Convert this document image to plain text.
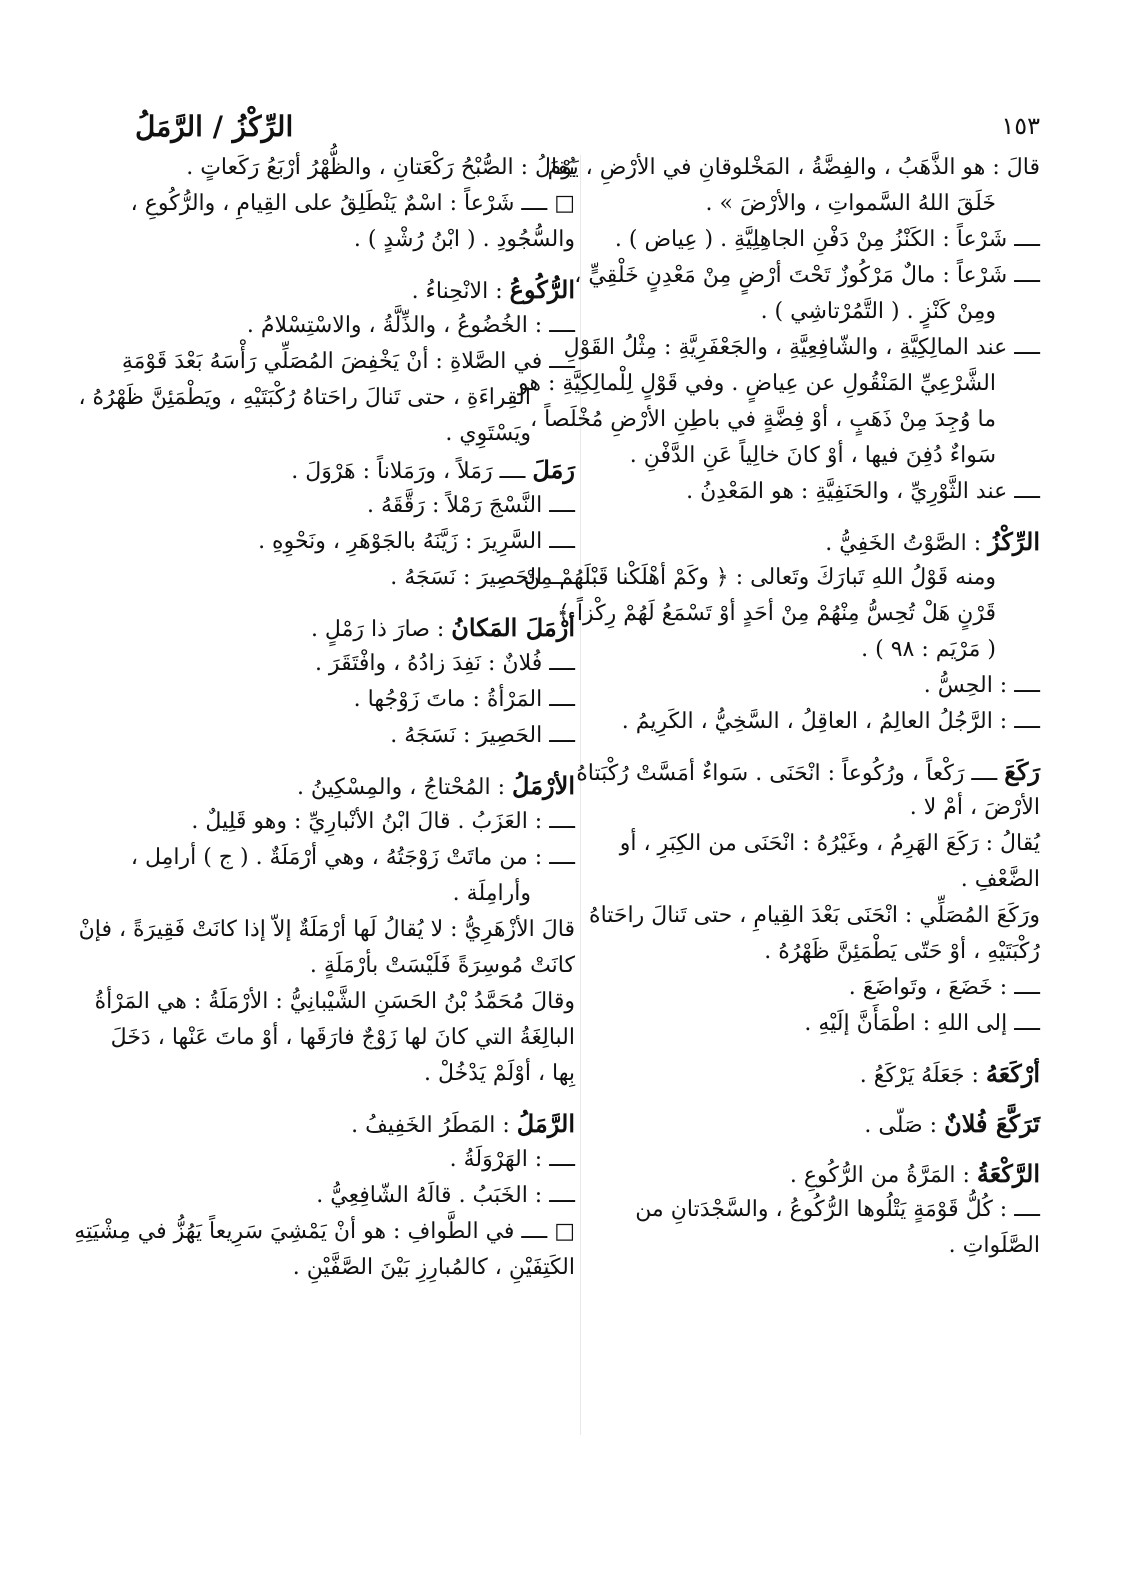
١٥٣
الرِّكْزُ / الرَّمَلُ
قالَ : هو الذَّهَبُ ، والفِضَّةُ ، المَخْلوقانِ في الأرْضِ ، يَوْمَ
خَلَقَ اللهُ السَّمواتِ ، والأرْضَ » .
ــــ شَرْعاً : الكَنْزُ مِنْ دَفْنِ الجاهِلِيَّةِ . ( عِياض ) .
ــــ شَرْعاً : مالٌ مَرْكُوزٌ تَحْتَ أرْضٍ مِنْ مَعْدِنٍ خَلْقِيٍّ ،
ومِنْ كَنْزٍ . ( التَّمُرْتاشِي ) .
ــــ عند المالِكِيَّةِ ، والشّافِعِيَّةِ ، والجَعْفَرِيَّةِ : مِثْلُ القَوْلِ
الشَّرْعِيِّ المَنْقُولِ عن عِياضٍ . وفي قَوْلٍ لِلْمالِكِيَّةِ : هو
ما وُجِدَ مِنْ ذَهَبٍ ، أوْ فِضَّةٍ في باطِنِ الأرْضِ مُخْلَصاً ،
سَواءٌ دُفِنَ فيها ، أوْ كانَ خالِياً عَنِ الدَّفْنِ .
ــــ عند الثَّوْرِيِّ ، والحَنَفِيَّةِ : هو المَعْدِنُ .
الرِّكْزُ : الصَّوْتُ الخَفِيُّ .
ومنه قَوْلُ اللهِ تَبارَكَ وتَعالى : ﴿ وكَمْ أهْلَكْنا قَبْلَهُمْ مِنْ
قَرْنٍ هَلْ تُحِسُّ مِنْهُمْ مِنْ أحَدٍ أوْ تَسْمَعُ لَهُمْ رِكْزاً ﴾
( مَرْيَم : ٩٨ ) .
ــــ : الحِسُّ .
ــــ : الرَّجُلُ العالِمُ ، العاقِلُ ، السَّخِيُّ ، الكَرِيمُ .
رَكَعَ ــــ رَكْعاً ، ورُكُوعاً : انْحَنَى . سَواءٌ أمَسَّتْ رُكْبَتاهُ
الأرْضَ ، أمْ لا .
يُقالُ : رَكَعَ الهَرِمُ ، وغَيْرُهُ : انْحَنَى من الكِبَرِ ، أو
الضَّعْفِ .
ورَكَعَ المُصَلِّي : انْحَنَى بَعْدَ القِيامِ ، حتى تَنالَ راحَتاهُ
رُكْبَتَيْهِ ، أوْ حَتّى يَطْمَئِنَّ ظَهْرُهُ .
ــــ : خَضَعَ ، وتَواضَعَ .
ــــ إلى اللهِ : اطْمَأَنَّ إلَيْهِ .
أرْكَعَهُ : جَعَلَهُ يَرْكَعُ .
تَرَكَّعَ فُلانٌ : صَلّى .
الرَّكْعَةُ : المَرَّةُ من الرُّكُوعِ .
ــــ : كُلُّ قَوْمَةٍ يَتْلُوها الرُّكُوعُ ، والسَّجْدَتانِ من
الصَّلَواتِ .
يُقالُ : الصُّبْحُ رَكْعَتانِ ، والظُّهْرُ أرْبَعُ رَكَعاتٍ .
□ ــــ شَرْعاً : اسْمٌ يَنْطَلِقُ على القِيامِ ، والرُّكُوعِ ،
والسُّجُودِ . ( ابْنُ رُشْدٍ ) .
الرُّكُوعُ : الانْحِناءُ .
ــــ : الخُضُوعُ ، والذِّلَّةُ ، والاسْتِسْلامُ .
ــــ في الصَّلاةِ : أنْ يَخْفِضَ المُصَلِّي رَأْسَهُ بَعْدَ قَوْمَةِ
القِراءَةِ ، حتى تَنالَ راحَتاهُ رُكْبَتَيْهِ ، ويَطْمَئِنَّ ظَهْرُهُ ،
ويَسْتَوِي .
رَمَلَ ــــ رَمَلاً ، ورَمَلاناً : هَرْوَلَ .
ــــ النَّسْجَ رَمْلاً : رَقَّقَهُ .
ــــ السَّرِيرَ : زَيَّنَهُ بالجَوْهَرِ ، ونَحْوِهِ .
ــــ الحَصِيرَ : نَسَجَهُ .
أرْمَلَ المَكانُ : صارَ ذا رَمْلٍ .
ــــ فُلانٌ : نَفِدَ زادُهُ ، وافْتَقَرَ .
ــــ المَرْأةُ : ماتَ زَوْجُها .
ــــ الحَصِيرَ : نَسَجَهُ .
الأرْمَلُ : المُحْتاجُ ، والمِسْكِينُ .
ــــ : العَزَبُ . قالَ ابْنُ الأنْبارِيِّ : وهو قَلِيلٌ .
ــــ : من ماتَتْ زَوْجَتُهُ ، وهي أرْمَلَةٌ . ( ج ) أرامِل ،
وأرامِلَة .
قالَ الأزْهَرِيُّ : لا يُقالُ لَها أرْمَلَةٌ إلاّ إذا كانَتْ فَقِيرَةً ، فإنْ
كانَتْ مُوسِرَةً فَلَيْسَتْ بأرْمَلَةٍ .
وقالَ مُحَمَّدُ بْنُ الحَسَنِ الشَّيْبانِيُّ : الأرْمَلَةُ : هي المَرْأةُ
البالِغَةُ التي كانَ لها زَوْجٌ فارَقَها ، أوْ ماتَ عَنْها ، دَخَلَ
بِها ، أوْلَمْ يَدْخُلْ .
الرَّمَلُ : المَطَرُ الخَفِيفُ .
ــــ : الهَرْوَلَةُ .
ــــ : الخَبَبُ . قالَهُ الشّافِعِيُّ .
□ ــــ في الطَّوافِ : هو أنْ يَمْشِيَ سَرِيعاً يَهُزُّ في مِشْيَتِهِ
الكَتِفَيْنِ ، كالمُبارِزِ بَيْنَ الصَّفَّيْنِ .
